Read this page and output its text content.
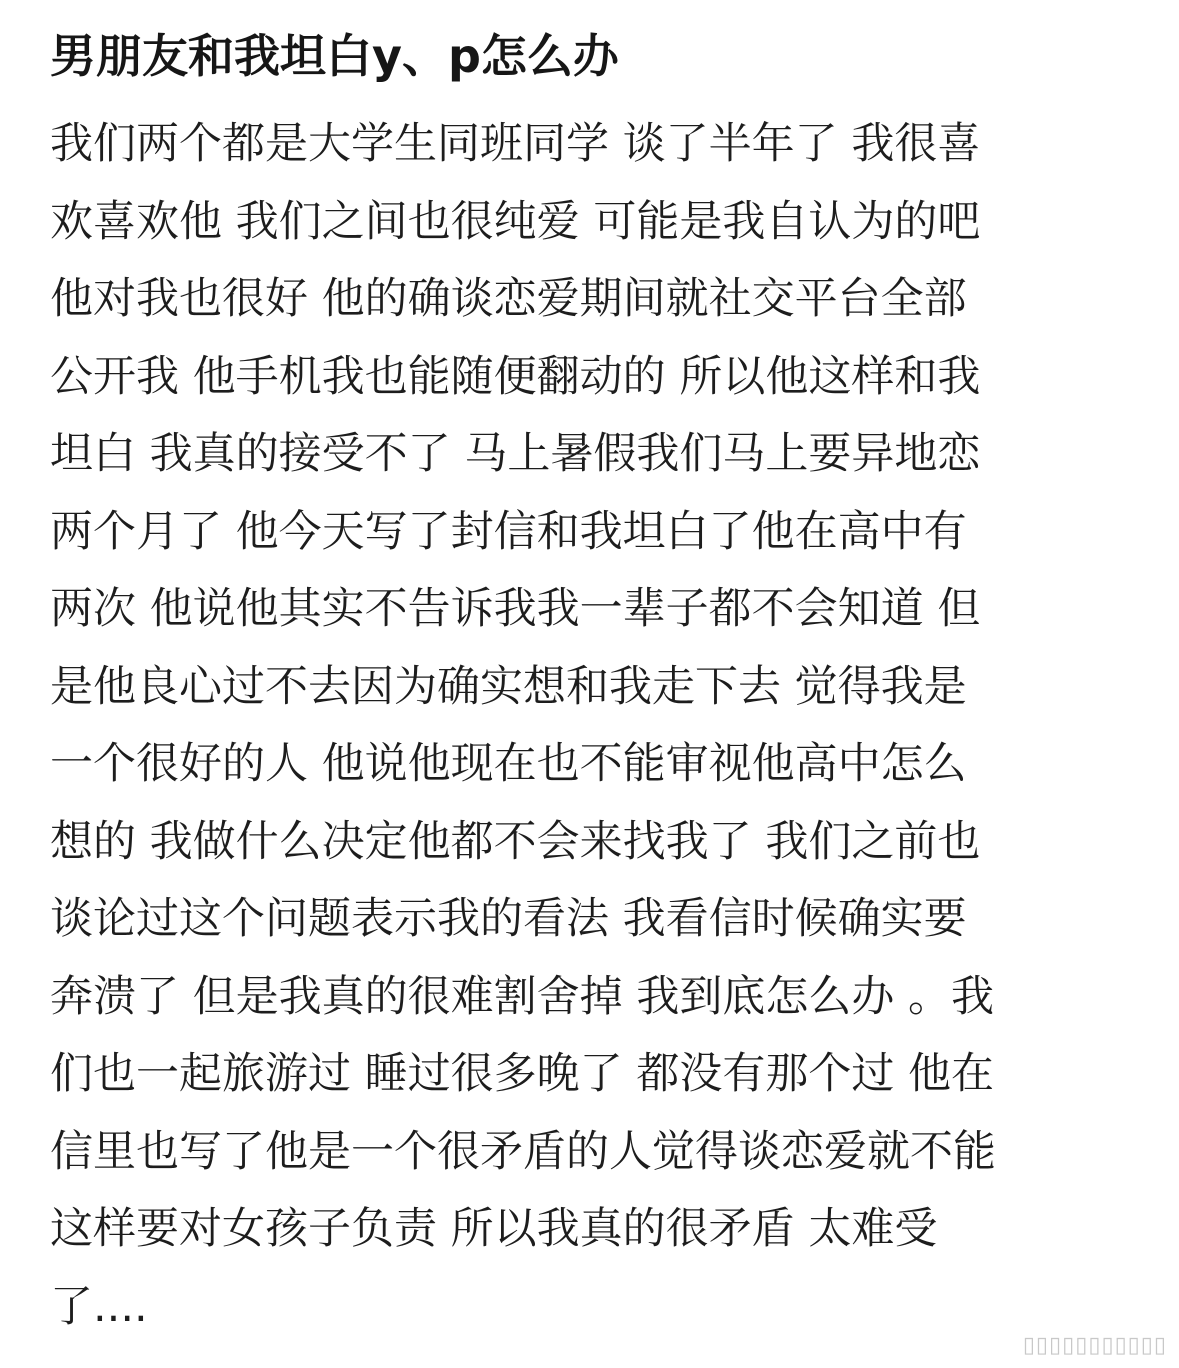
男朋友和我坦白y、p怎么办
我们两个都是大学生同班同学 谈了半年了 我很喜
欢喜欢他 我们之间也很纯爱 可能是我自认为的吧
他对我也很好 他的确谈恋爱期间就社交平台全部
公开我 他手机我也能随便翻动的 所以他这样和我
坦白 我真的接受不了 马上暑假我们马上要异地恋
两个月了 他今天写了封信和我坦白了他在高中有
两次 他说他其实不告诉我我一辈子都不会知道 但
是他良心过不去因为确实想和我走下去 觉得我是
一个很好的人 他说他现在也不能审视他高中怎么
想的 我做什么决定他都不会来找我了 我们之前也
谈论过这个问题表示我的看法 我看信时候确实要
奔溃了 但是我真的很难割舍掉 我到底怎么办 。我
们也一起旅游过 睡过很多晚了 都没有那个过 他在
信里也写了他是一个很矛盾的人觉得谈恋爱就不能
这样要对女孩子负责 所以我真的很矛盾 太难受
了....
▯▯▯▯▯▯▯▯▯▯▯
